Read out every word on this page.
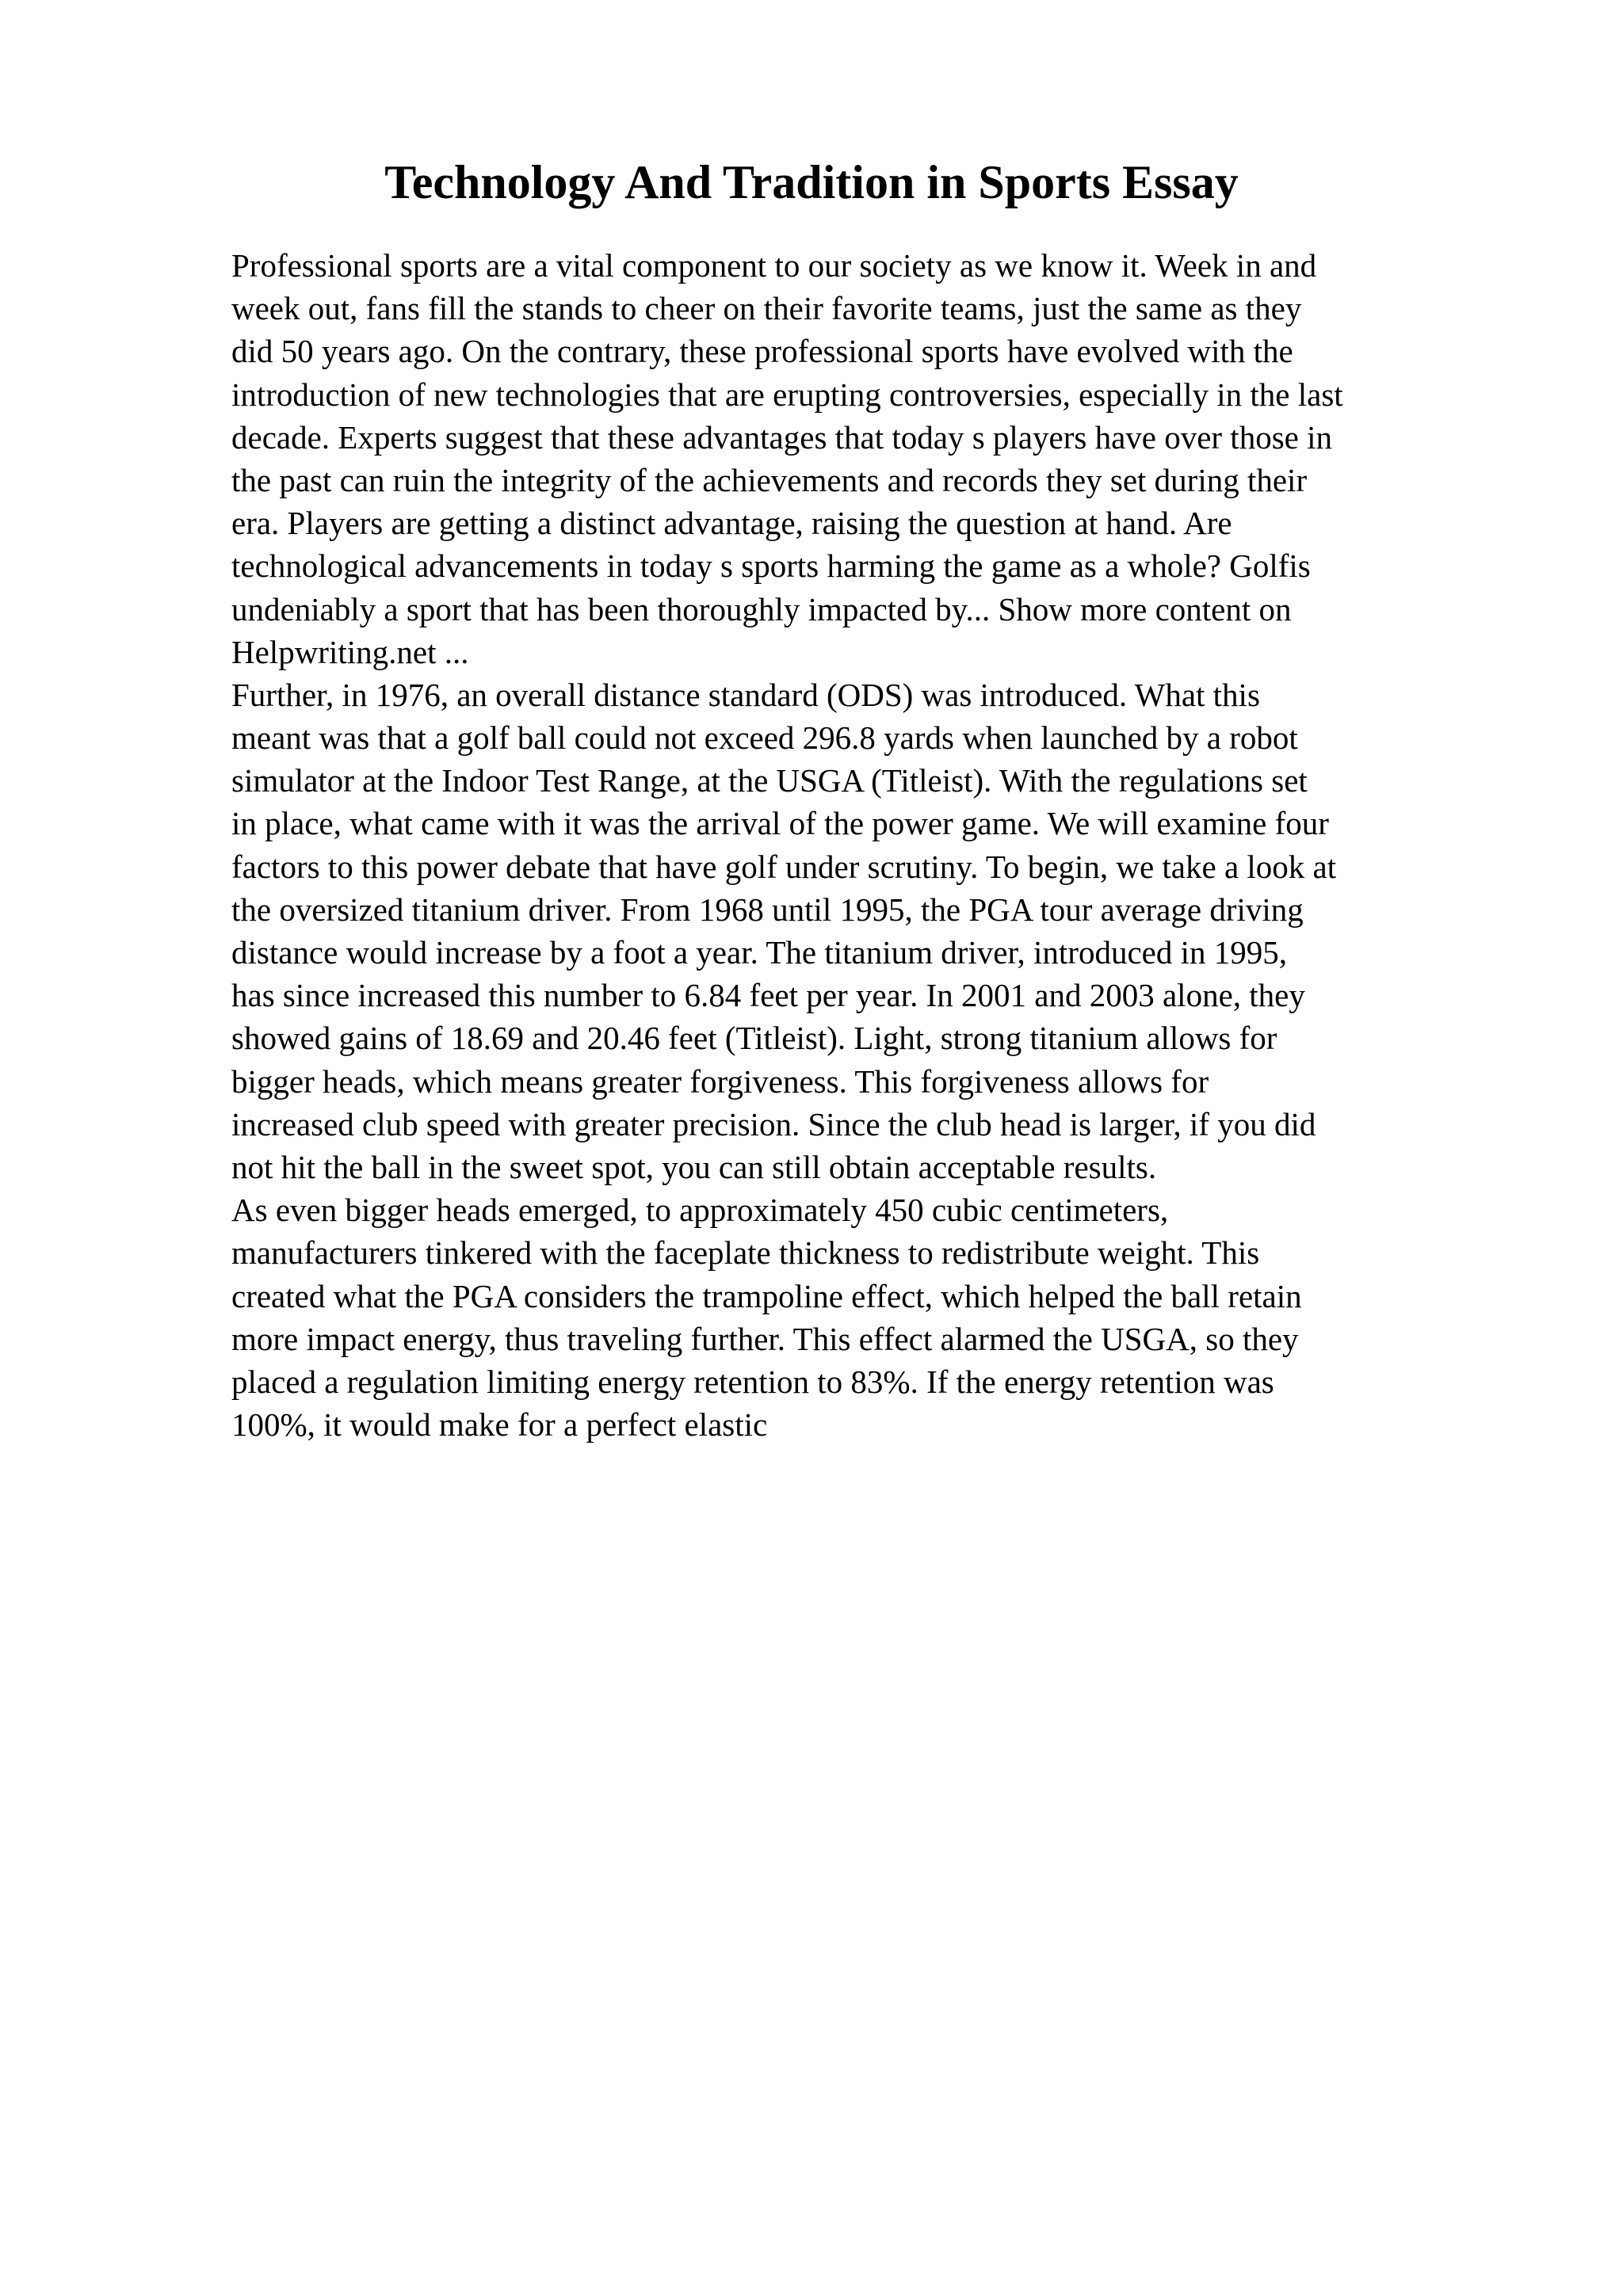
Technology And Tradition in Sports Essay
Professional sports are a vital component to our society as we know it. Week in and
week out, fans fill the stands to cheer on their favorite teams, just the same as they
did 50 years ago. On the contrary, these professional sports have evolved with the
introduction of new technologies that are erupting controversies, especially in the last
decade. Experts suggest that these advantages that today s players have over those in
the past can ruin the integrity of the achievements and records they set during their
era. Players are getting a distinct advantage, raising the question at hand. Are
technological advancements in today s sports harming the game as a whole? Golfis
undeniably a sport that has been thoroughly impacted by... Show more content on
Helpwriting.net ...
Further, in 1976, an overall distance standard (ODS) was introduced. What this
meant was that a golf ball could not exceed 296.8 yards when launched by a robot
simulator at the Indoor Test Range, at the USGA (Titleist). With the regulations set
in place, what came with it was the arrival of the power game. We will examine four
factors to this power debate that have golf under scrutiny. To begin, we take a look at
the oversized titanium driver. From 1968 until 1995, the PGA tour average driving
distance would increase by a foot a year. The titanium driver, introduced in 1995,
has since increased this number to 6.84 feet per year. In 2001 and 2003 alone, they
showed gains of 18.69 and 20.46 feet (Titleist). Light, strong titanium allows for
bigger heads, which means greater forgiveness. This forgiveness allows for
increased club speed with greater precision. Since the club head is larger, if you did
not hit the ball in the sweet spot, you can still obtain acceptable results.
As even bigger heads emerged, to approximately 450 cubic centimeters,
manufacturers tinkered with the faceplate thickness to redistribute weight. This
created what the PGA considers the trampoline effect, which helped the ball retain
more impact energy, thus traveling further. This effect alarmed the USGA, so they
placed a regulation limiting energy retention to 83%. If the energy retention was
100%, it would make for a perfect elastic
